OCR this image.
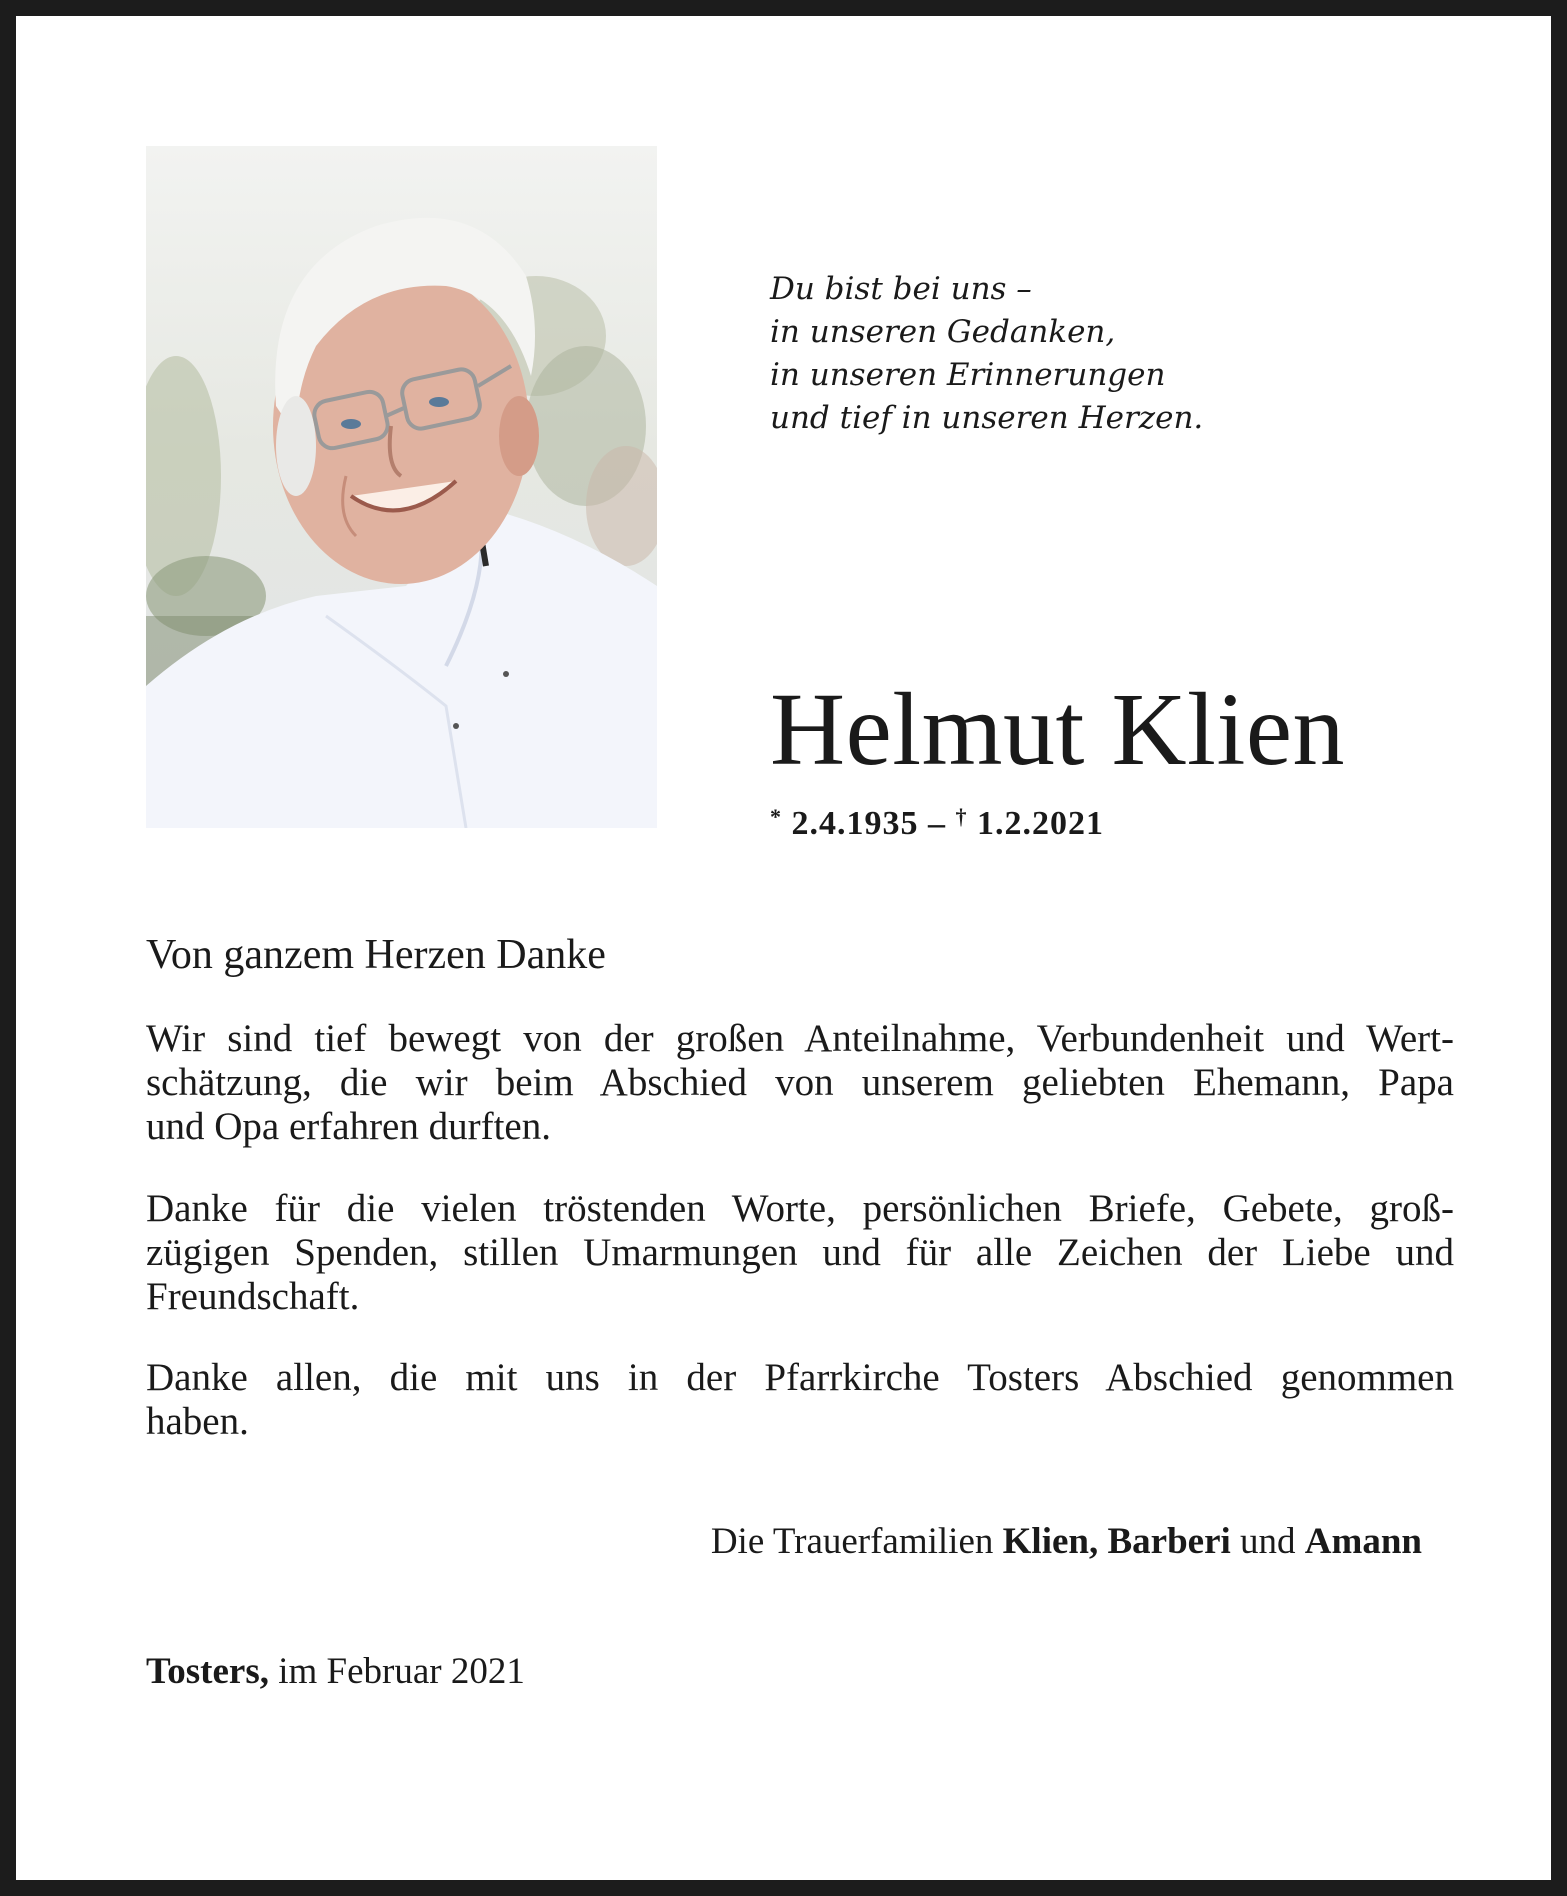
Du bist bei uns –
in unseren Gedanken,
in unseren Erinnerungen
und tief in unseren Herzen.
Helmut Klien
* 2.4.1935 – † 1.2.2021
Von ganzem Herzen Danke
Wir sind tief bewegt von der großen Anteilnahme, Verbundenheit und Wert-
schätzung, die wir beim Abschied von unserem geliebten Ehemann, Papa
und Opa erfahren durften.
Danke für die vielen tröstenden Worte, persönlichen Briefe, Gebete, groß-
zügigen Spenden, stillen Umarmungen und für alle Zeichen der Liebe und
Freundschaft.
Danke allen, die mit uns in der Pfarrkirche Tosters Abschied genommen
haben.
Die Trauerfamilien Klien, Barberi und Amann
Tosters, im Februar 2021
